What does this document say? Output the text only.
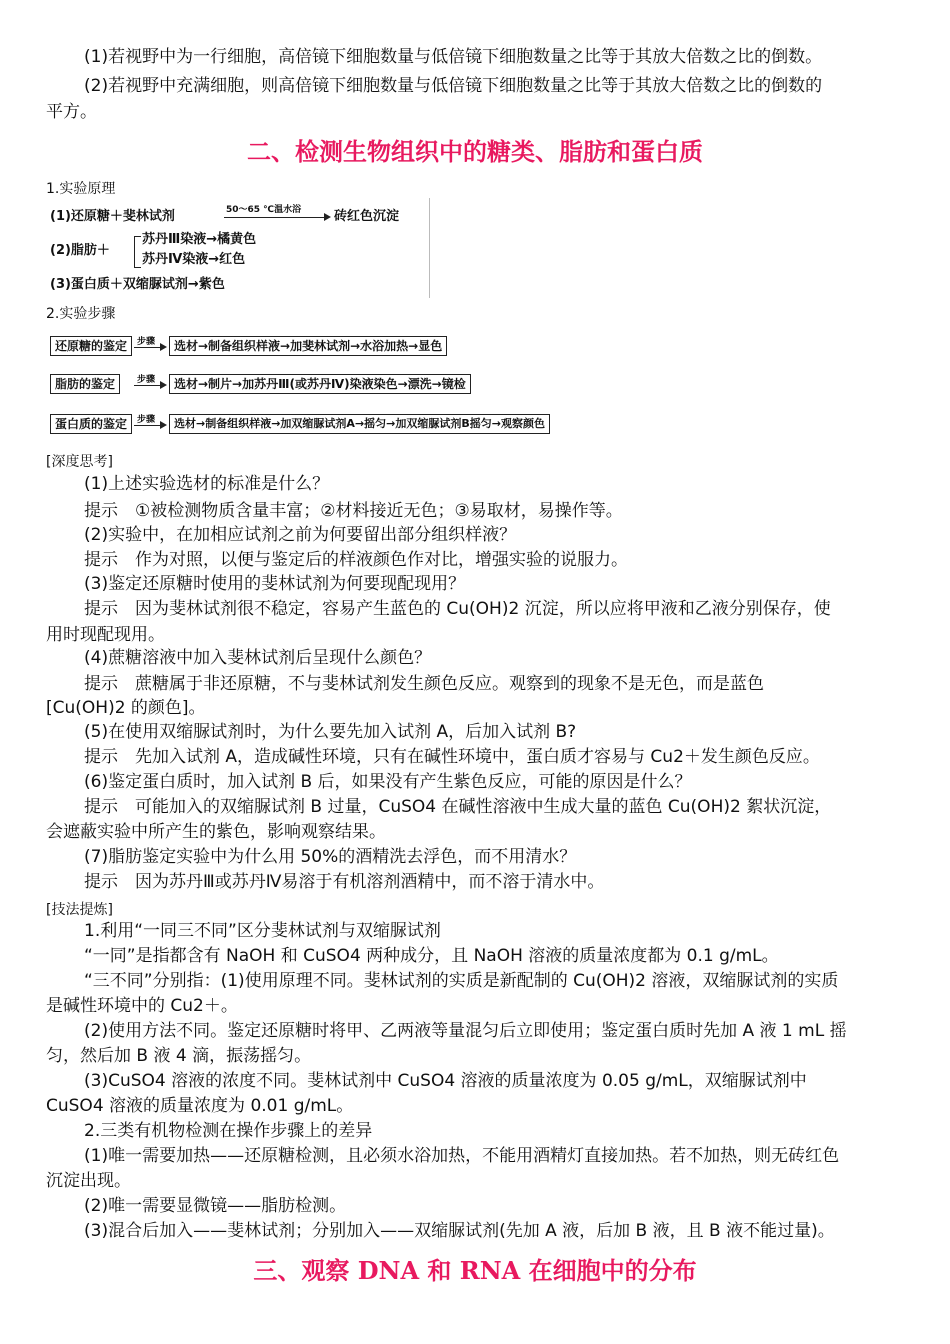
(1)若视野中为一行细胞，高倍镜下细胞数量与低倍镜下细胞数量之比等于其放大倍数之比的倒数。
(2)若视野中充满细胞，则高倍镜下细胞数量与低倍镜下细胞数量之比等于其放大倍数之比的倒数的
平方。
二、检测生物组织中的糖类、脂肪和蛋白质
1.实验原理
(1)还原糖＋斐林试剂	50～65 ℃温水浴	砖红色沉淀
(2)脂肪＋
苏丹Ⅲ染液→橘黄色
苏丹Ⅳ染液→红色
(3)蛋白质＋双缩脲试剂→紫色
2.实验步骤
还原糖的鉴定	步骤	选材→制备组织样液→加斐林试剂→水浴加热→显色
脂肪的鉴定	步骤	选材→制片→加苏丹Ⅲ(或苏丹Ⅳ)染液染色→漂洗→镜检
蛋白质的鉴定	步骤	选材→制备组织样液→加双缩脲试剂A→摇匀→加双缩脲试剂B摇匀→观察颜色
[深度思考]
(1)上述实验选材的标准是什么？
提示　①被检测物质含量丰富；②材料接近无色；③易取材，易操作等。
(2)实验中，在加相应试剂之前为何要留出部分组织样液？
提示　作为对照，以便与鉴定后的样液颜色作对比，增强实验的说服力。
(3)鉴定还原糖时使用的斐林试剂为何要现配现用？
提示　因为斐林试剂很不稳定，容易产生蓝色的 Cu(OH)2 沉淀，所以应将甲液和乙液分别保存，使
用时现配现用。
(4)蔗糖溶液中加入斐林试剂后呈现什么颜色？
提示　蔗糖属于非还原糖，不与斐林试剂发生颜色反应。观察到的现象不是无色，而是蓝色
[Cu(OH)2 的颜色]。
(5)在使用双缩脲试剂时，为什么要先加入试剂 A，后加入试剂 B?
提示　先加入试剂 A，造成碱性环境，只有在碱性环境中，蛋白质才容易与 Cu2＋发生颜色反应。
(6)鉴定蛋白质时，加入试剂 B 后，如果没有产生紫色反应，可能的原因是什么？
提示　可能加入的双缩脲试剂 B 过量，CuSO4 在碱性溶液中生成大量的蓝色 Cu(OH)2 絮状沉淀，
会遮蔽实验中所产生的紫色，影响观察结果。
(7)脂肪鉴定实验中为什么用 50%的酒精洗去浮色，而不用清水？
提示　因为苏丹Ⅲ或苏丹Ⅳ易溶于有机溶剂酒精中，而不溶于清水中。
[技法提炼]
1.利用“一同三不同”区分斐林试剂与双缩脲试剂
“一同”是指都含有 NaOH 和 CuSO4 两种成分，且 NaOH 溶液的质量浓度都为 0.1 g/mL。
“三不同”分别指：(1)使用原理不同。斐林试剂的实质是新配制的 Cu(OH)2 溶液，双缩脲试剂的实质
是碱性环境中的 Cu2＋。
(2)使用方法不同。鉴定还原糖时将甲、乙两液等量混匀后立即使用；鉴定蛋白质时先加 A 液 1 mL 摇
匀，然后加 B 液 4 滴，振荡摇匀。
(3)CuSO4 溶液的浓度不同。斐林试剂中 CuSO4 溶液的质量浓度为 0.05 g/mL，双缩脲试剂中
CuSO4 溶液的质量浓度为 0.01 g/mL。
2.三类有机物检测在操作步骤上的差异
(1)唯一需要加热——还原糖检测，且必须水浴加热，不能用酒精灯直接加热。若不加热，则无砖红色
沉淀出现。
(2)唯一需要显微镜——脂肪检测。
(3)混合后加入——斐林试剂；分别加入——双缩脲试剂(先加 A 液，后加 B 液，且 B 液不能过量)。
三、观察 DNA 和 RNA 在细胞中的分布
